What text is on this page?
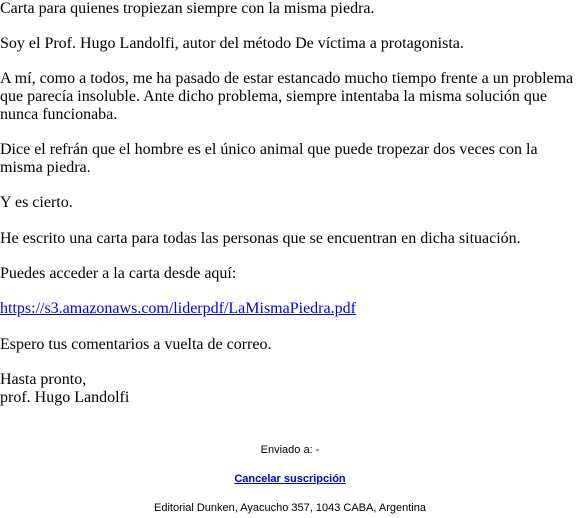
Carta para quienes tropiezan siempre con la misma piedra.

Soy el Prof. Hugo Landolfi, autor del método De víctima a protagonista.

A mí, como a todos, me ha pasado de estar estancado mucho tiempo frente a un problema que parecía insoluble. Ante dicho problema, siempre intentaba la misma solución que nunca funcionaba.

Dice el refrán que el hombre es el único animal que puede tropezar dos veces con la misma piedra.

Y es cierto.

He escrito una carta para todas las personas que se encuentran en dicha situación.

Puedes acceder a la carta desde aquí:

https://s3.amazonaws.com/liderpdf/LaMismaPiedra.pdf

Espero tus comentarios a vuelta de correo.

Hasta pronto,

prof. Hugo Landolfi

Enviado a: -
Cancelar suscripción
Editorial Dunken, Ayacucho 357, 1043 CABA, Argentina
